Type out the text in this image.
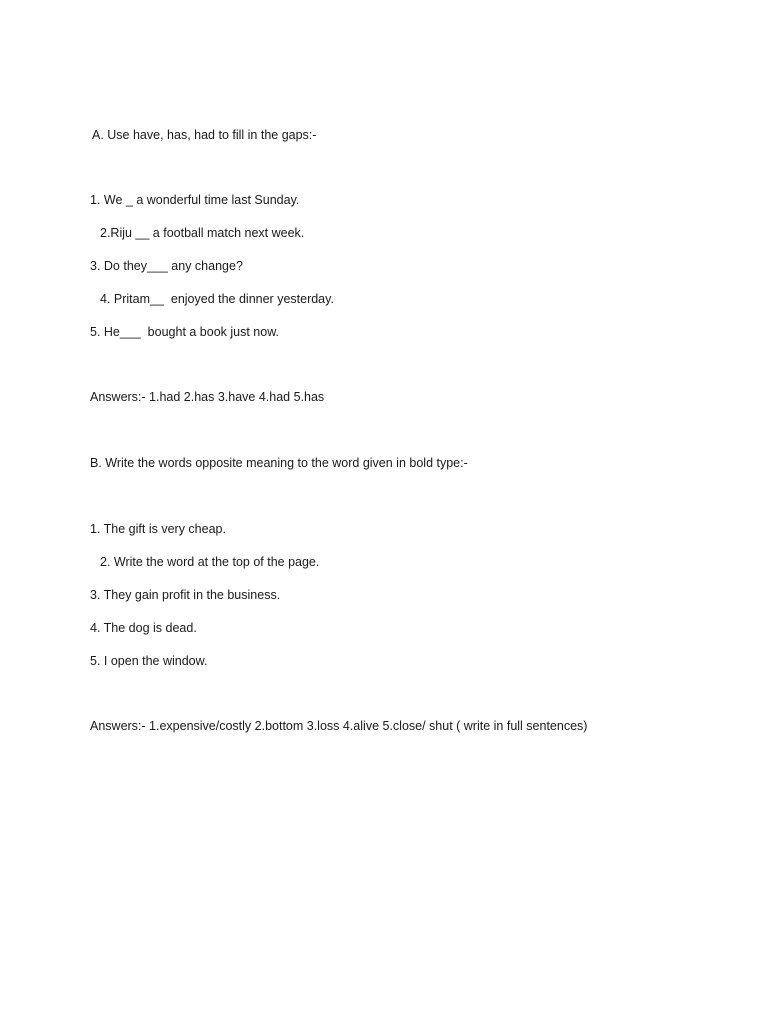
A. Use have, has, had to fill in the gaps:-
1. We _ a wonderful time last Sunday.
2.Riju __ a football match next week.
3. Do they___ any change?
4. Pritam__  enjoyed the dinner yesterday.
5. He___  bought a book just now.
Answers:- 1.had 2.has 3.have 4.had 5.has
B. Write the words opposite meaning to the word given in bold type:-
1. The gift is very cheap.
2. Write the word at the top of the page.
3. They gain profit in the business.
4. The dog is dead.
5. I open the window.
Answers:- 1.expensive/costly 2.bottom 3.loss 4.alive 5.close/ shut ( write in full sentences)
